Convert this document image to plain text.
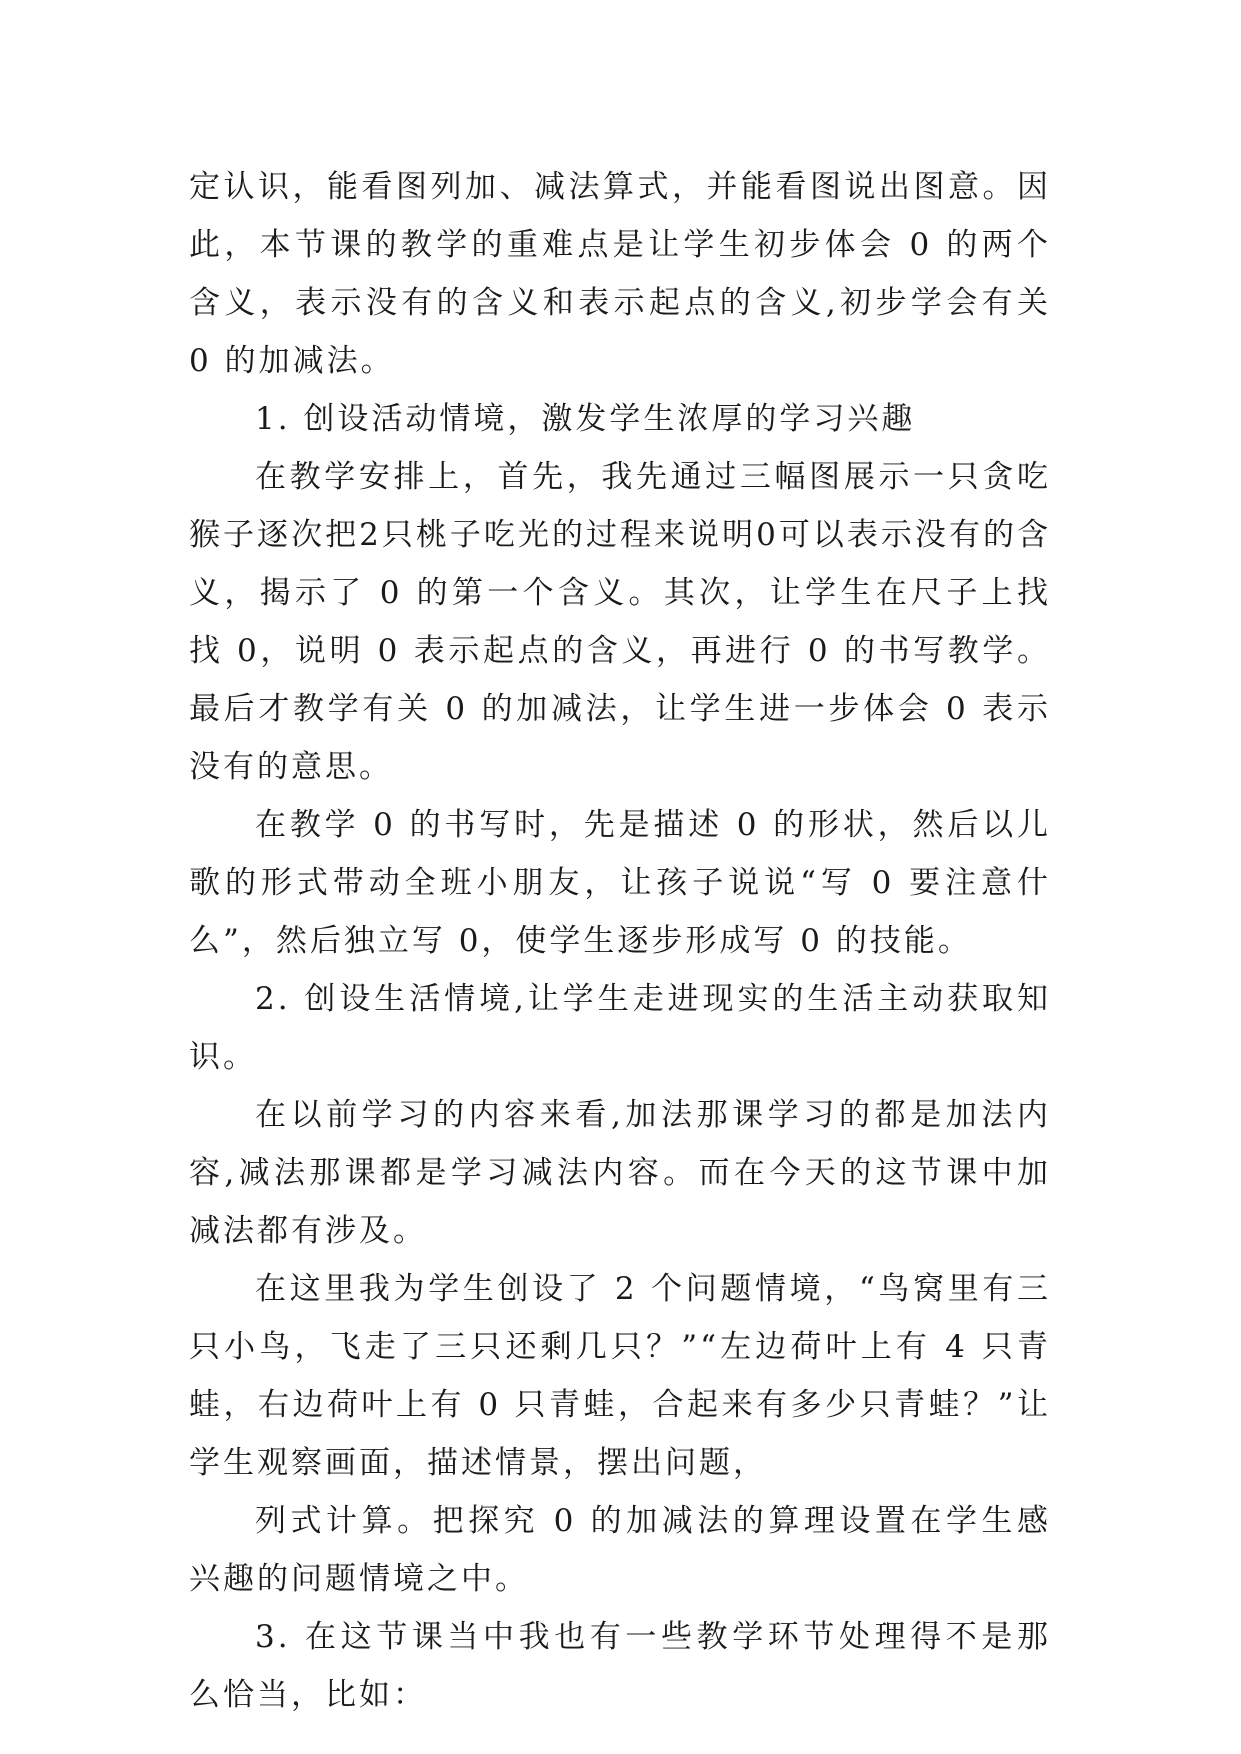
定认识，能看图列加、减法算式，并能看图说出图意。因此，本节课的教学的重难点是让学生初步体会 0 的两个含义，表示没有的含义和表示起点的含义,初步学会有关 0 的加减法。

1. 创设活动情境，激发学生浓厚的学习兴趣

在教学安排上，首先，我先通过三幅图展示一只贪吃猴子逐次把2只桃子吃光的过程来说明0可以表示没有的含义，揭示了 0 的第一个含义。其次，让学生在尺子上找找 0，说明 0 表示起点的含义，再进行 0 的书写教学。最后才教学有关 0 的加减法，让学生进一步体会 0 表示没有的意思。

在教学 0 的书写时，先是描述 0 的形状，然后以儿歌的形式带动全班小朋友，让孩子说说“写 0 要注意什么”，然后独立写 0，使学生逐步形成写 0 的技能。

2. 创设生活情境,让学生走进现实的生活主动获取知识。

在以前学习的内容来看,加法那课学习的都是加法内容,减法那课都是学习减法内容。而在今天的这节课中加减法都有涉及。

在这里我为学生创设了 2 个问题情境，“鸟窝里有三只小鸟，飞走了三只还剩几只？”“左边荷叶上有 4 只青蛙，右边荷叶上有 0 只青蛙，合起来有多少只青蛙？”让学生观察画面，描述情景，摆出问题，

列式计算。把探究 0 的加减法的算理设置在学生感兴趣的问题情境之中。

3. 在这节课当中我也有一些教学环节处理得不是那么恰当，比如：
